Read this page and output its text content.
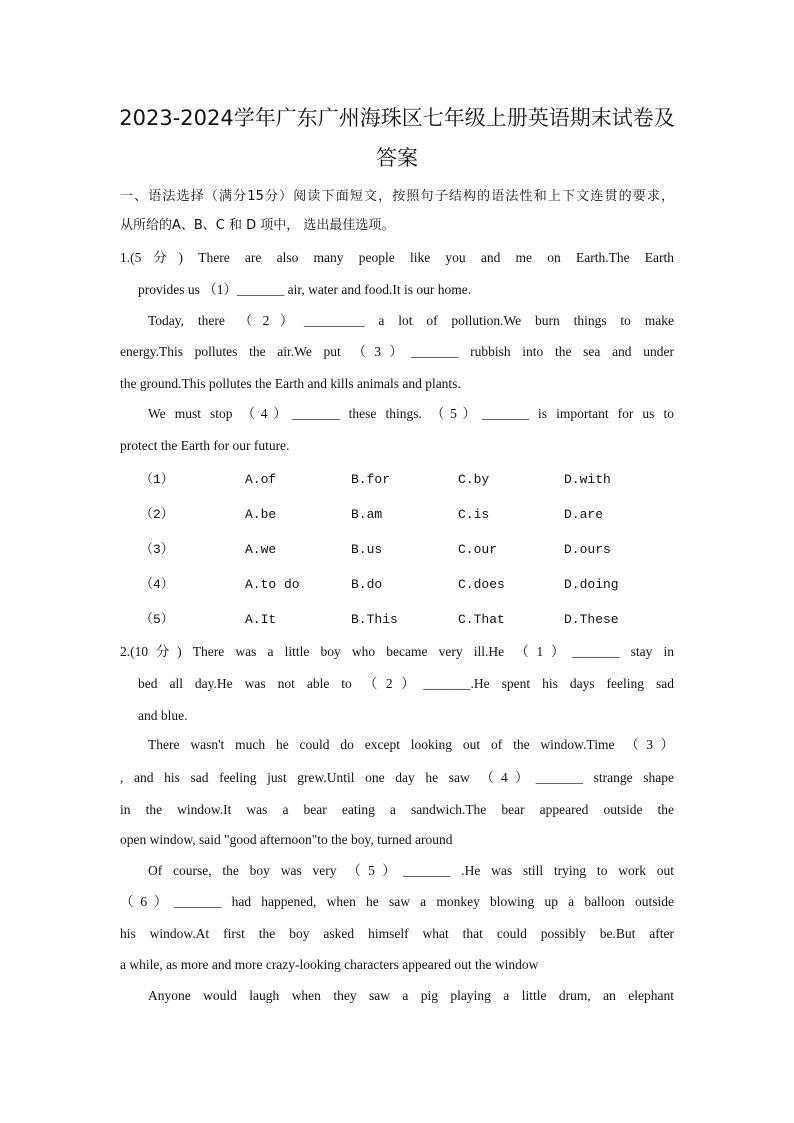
2023-2024学年广东广州海珠区七年级上册英语期末试卷及
答案
一、语法选择（满分15分）阅读下面短文，按照句子结构的语法性和上下文连贯的要求，
从所给的A、B、C 和 D 项中， 选出最佳选项。
1.(5分) There are also many people like you and me on Earth.The Earth
provides us （1）_______ air, water and food.It is our home.
Today, there （2）_________ a lot of pollution.We burn things to make
energy.This pollutes the air.We put （3）_______ rubbish into the sea and under
the ground.This pollutes the Earth and kills animals and plants.
We must stop （4）_______ these things. （5）_______ is important for us to
protect the Earth for our future.
（1）	A.of	B.for	C.by	D.with
（2）	A.be	B.am	C.is	D.are
（3）	A.we	B.us	C.our	D.ours
（4）	A.to do	B.do	C.does	D.doing
（5）	A.It	B.This	C.That	D.These
2.(10分) There was a little boy who became very ill.He （1）_______ stay in
bed all day.He was not able to （2）_______.He spent his days feeling sad
and blue.
There wasn't much he could do except looking out of the window.Time （3）
, and his sad feeling just grew.Until one day he saw （4）_______ strange shape
in the window.It was a bear eating a sandwich.The bear appeared outside the
open window, said "good afternoon"to the boy, turned around
Of course, the boy was very （5）_______ .He was still trying to work out
（6）_______ had happened, when he saw a monkey blowing up a balloon outside
his window.At first the boy asked himself what that could possibly be.But after
a while, as more and more crazy-looking characters appeared out the window
Anyone would laugh when they saw a pig playing a little drum, an elephant
